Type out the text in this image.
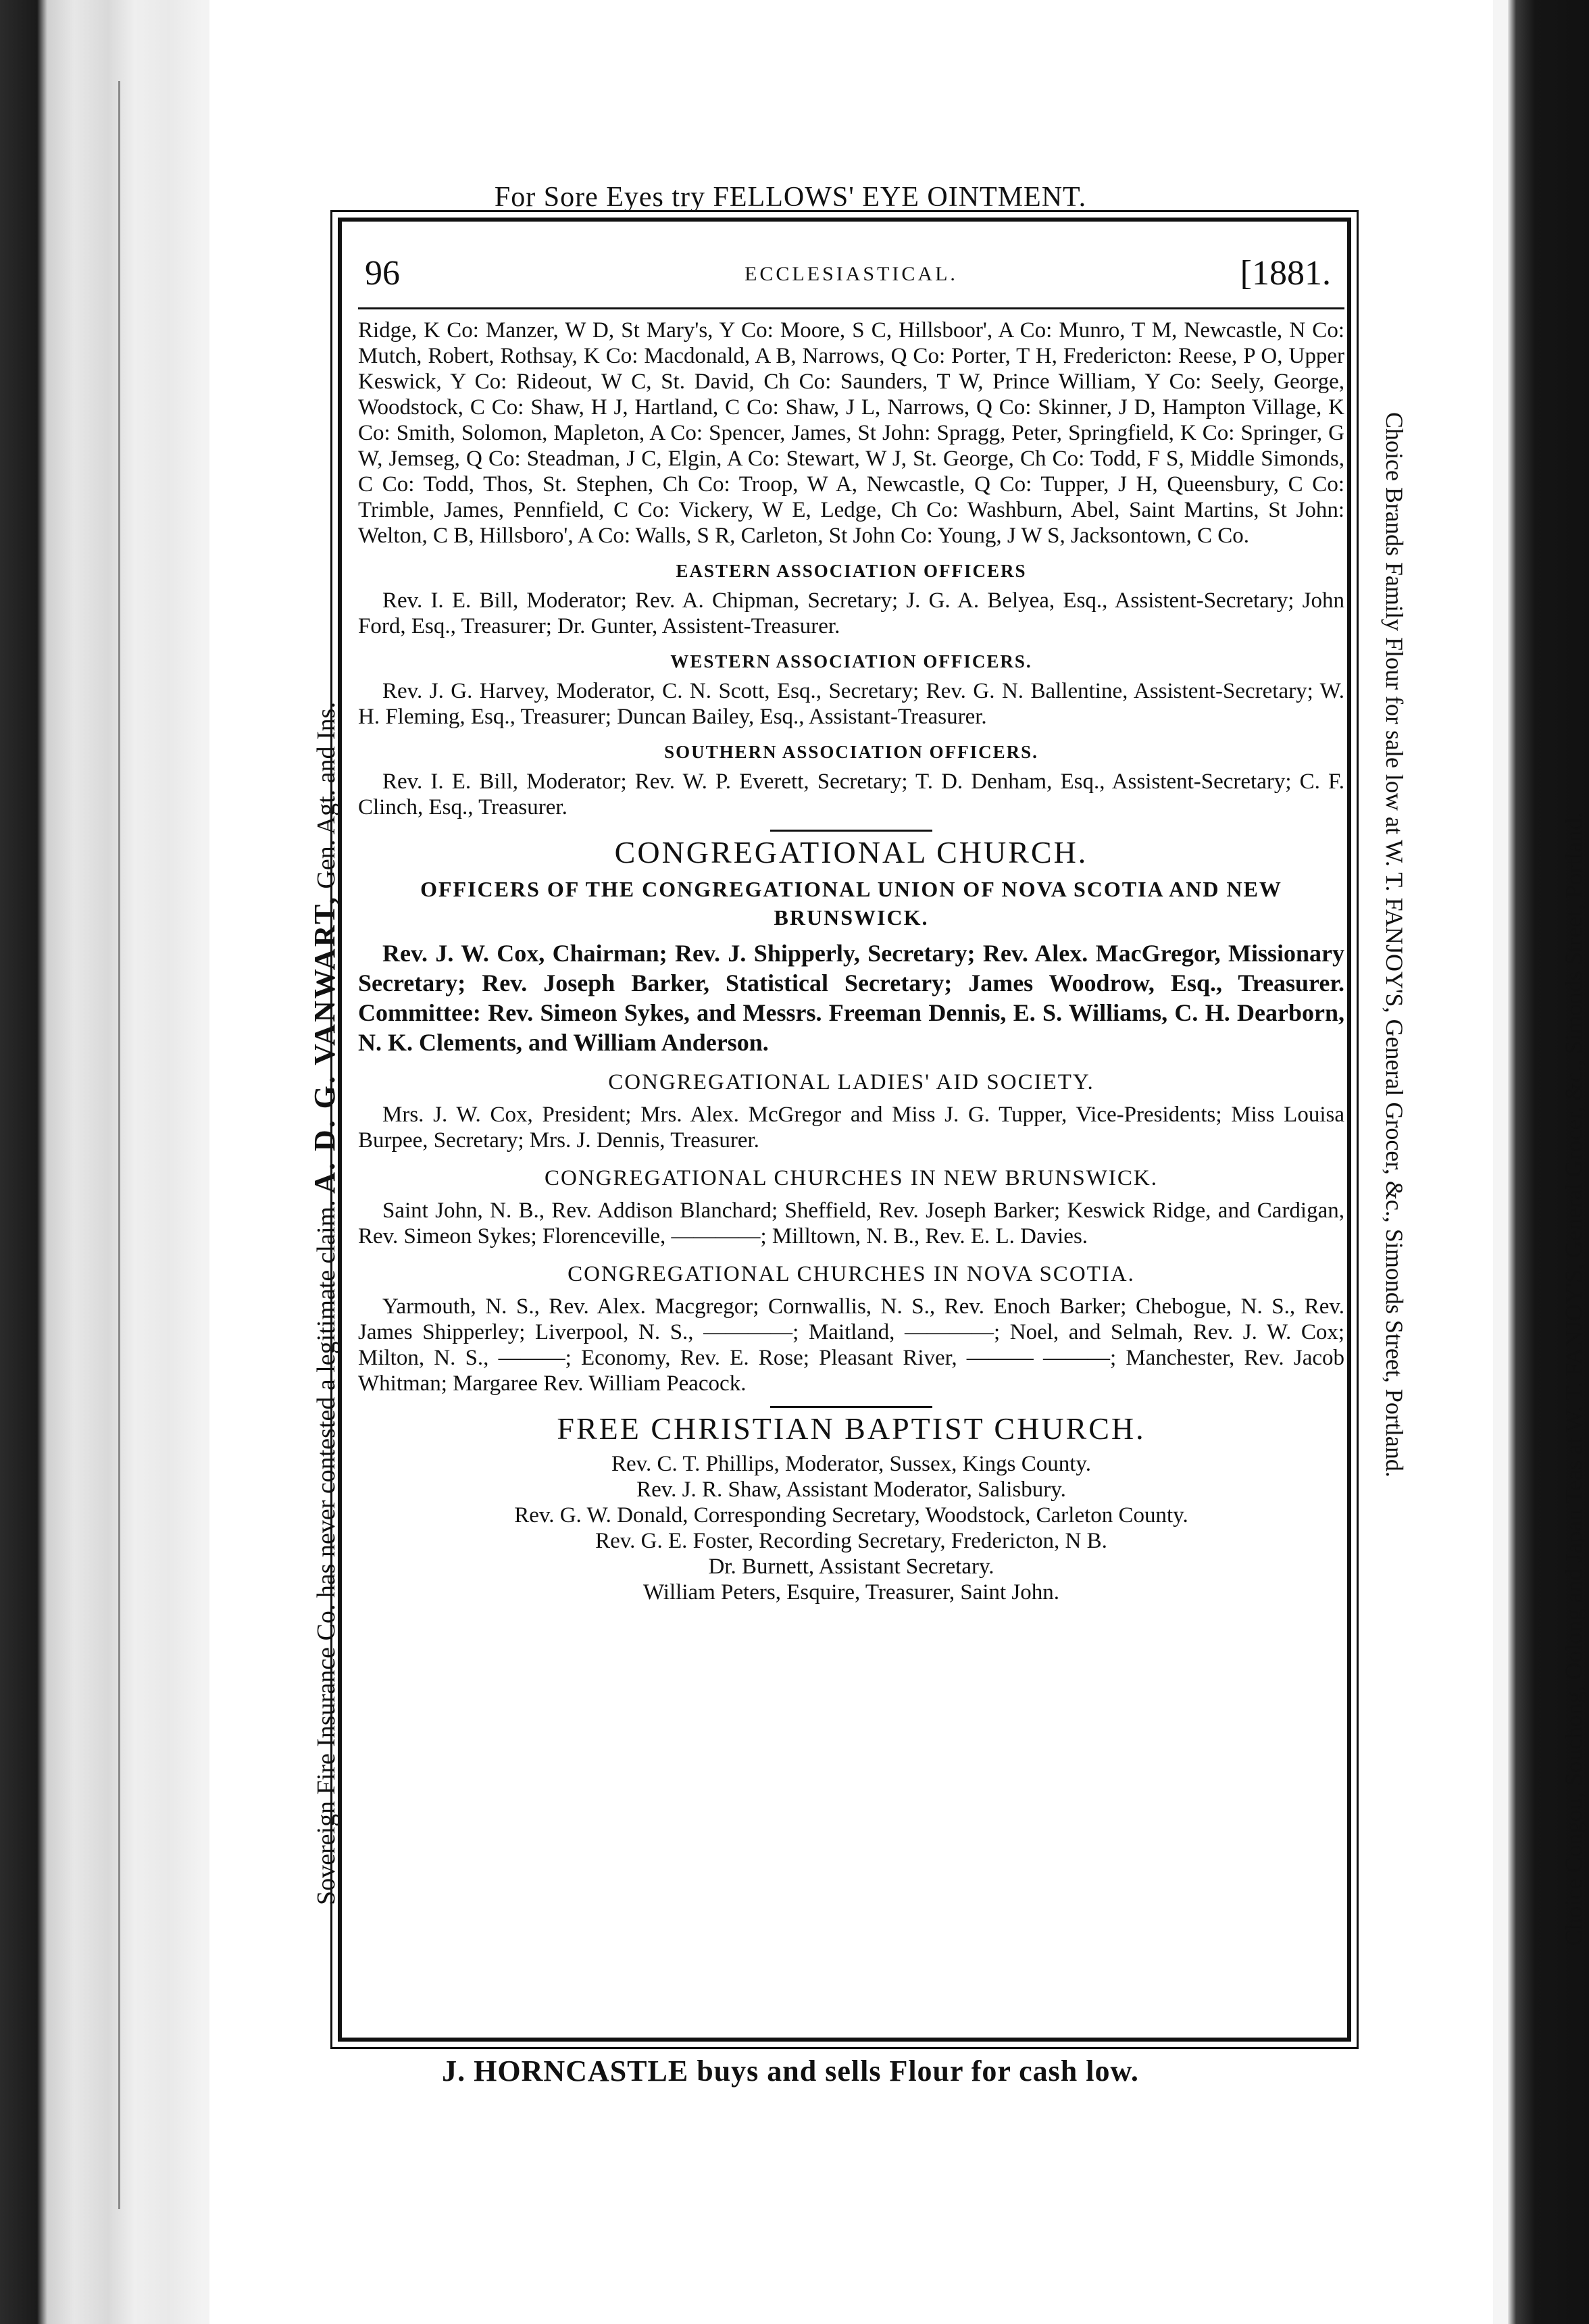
For Sore Eyes try FELLOWS' EYE OINTMENT.
96	ECCLESIASTICAL.	[1881.

Ridge, K Co: Manzer, W D, St Mary's, Y Co: Moore, S C, Hillsboor', A Co: Munro, T M, Newcastle, N Co: Mutch, Robert, Rothsay, K Co: Macdonald, A B, Narrows, Q Co: Porter, T H, Fredericton: Reese, P O, Upper Keswick, Y Co: Rideout, W C, St. David, Ch Co: Saunders, T W, Prince William, Y Co: Seely, George, Woodstock, C Co: Shaw, H J, Hartland, C Co: Shaw, J L, Narrows, Q Co: Skinner, J D, Hampton Village, K Co: Smith, Solomon, Mapleton, A Co: Spencer, James, St John: Spragg, Peter, Springfield, K Co: Springer, G W, Jemseg, Q Co: Steadman, J C, Elgin, A Co: Stewart, W J, St. George, Ch Co: Todd, F S, Middle Simonds, C Co: Todd, Thos, St. Stephen, Ch Co: Troop, W A, Newcastle, Q Co: Tupper, J H, Queensbury, C Co: Trimble, James, Pennfield, C Co: Vickery, W E, Ledge, Ch Co: Washburn, Abel, Saint Martins, St John: Welton, C B, Hillsboro', A Co: Walls, S R, Carleton, St John Co: Young, J W S, Jacksontown, C Co.

EASTERN ASSOCIATION OFFICERS

Rev. I. E. Bill, Moderator; Rev. A. Chipman, Secretary; J. G. A. Belyea, Esq., Assistent-Secretary; John Ford, Esq., Treasurer; Dr. Gunter, Assistent-Treasurer.

WESTERN ASSOCIATION OFFICERS.

Rev. J. G. Harvey, Moderator, C. N. Scott, Esq., Secretary; Rev. G. N. Ballentine, Assistent-Secretary; W. H. Fleming, Esq., Treasurer; Duncan Bailey, Esq., Assistant-Treasurer.

SOUTHERN ASSOCIATION OFFICERS.

Rev. I. E. Bill, Moderator; Rev. W. P. Everett, Secretary; T. D. Denham, Esq., Assistent-Secretary; C. F. Clinch, Esq., Treasurer.

CONGREGATIONAL CHURCH.
OFFICERS OF THE CONGREGATIONAL UNION OF NOVA SCOTIA AND NEW BRUNSWICK.

Rev. J. W. Cox, Chairman; Rev. J. Shipperly, Secretary; Rev. Alex. MacGregor, Missionary Secretary; Rev. Joseph Barker, Statistical Secretary; James Woodrow, Esq., Treasurer. Committee: Rev. Simeon Sykes, and Messrs. Freeman Dennis, E. S. Williams, C. H. Dearborn, N. K. Clements, and William Anderson.

CONGREGATIONAL LADIES' AID SOCIETY.

Mrs. J. W. Cox, President; Mrs. Alex. McGregor and Miss J. G. Tupper, Vice-Presidents; Miss Louisa Burpee, Secretary; Mrs. J. Dennis, Treasurer.

CONGREGATIONAL CHURCHES IN NEW BRUNSWICK.

Saint John, N. B., Rev. Addison Blanchard; Sheffield, Rev. Joseph Barker; Keswick Ridge, and Cardigan, Rev. Simeon Sykes; Florenceville, ————; Milltown, N. B., Rev. E. L. Davies.

CONGREGATIONAL CHURCHES IN NOVA SCOTIA.

Yarmouth, N. S., Rev. Alex. Macgregor; Cornwallis, N. S., Rev. Enoch Barker; Chebogue, N. S., Rev. James Shipperley; Liverpool, N. S., ————; Maitland, ————; Noel, and Selmah, Rev. J. W. Cox; Milton, N. S., ———; Economy, Rev. E. Rose; Pleasant River, ——— ———; Manchester, Rev. Jacob Whitman; Margaree Rev. William Peacock.

FREE CHRISTIAN BAPTIST CHURCH.

Rev. C. T. Phillips, Moderator, Sussex, Kings County.

Rev. J. R. Shaw, Assistant Moderator, Salisbury.

Rev. G. W. Donald, Corresponding Secretary, Woodstock, Carleton County.

Rev. G. E. Foster, Recording Secretary, Fredericton, N B.

Dr. Burnett, Assistant Secretary.

William Peters, Esquire, Treasurer, Saint John.

J. HORNCASTLE buys and sells Flour for cash low.
Sovereign Fire Insurance Co. has never contested a legitimate claim. A. D. G. VANWART, Gen. Agt. and Ins.	Choice Brands Family Flour for sale low at W. T. FANJOY'S, General Grocer, &c., Simonds Street, Portland.	Choice Congou, Souchong, Oolong and Japan Teas at W. T. FANJOY'S, General Grocer, &c., Simonds Street, Portland.
